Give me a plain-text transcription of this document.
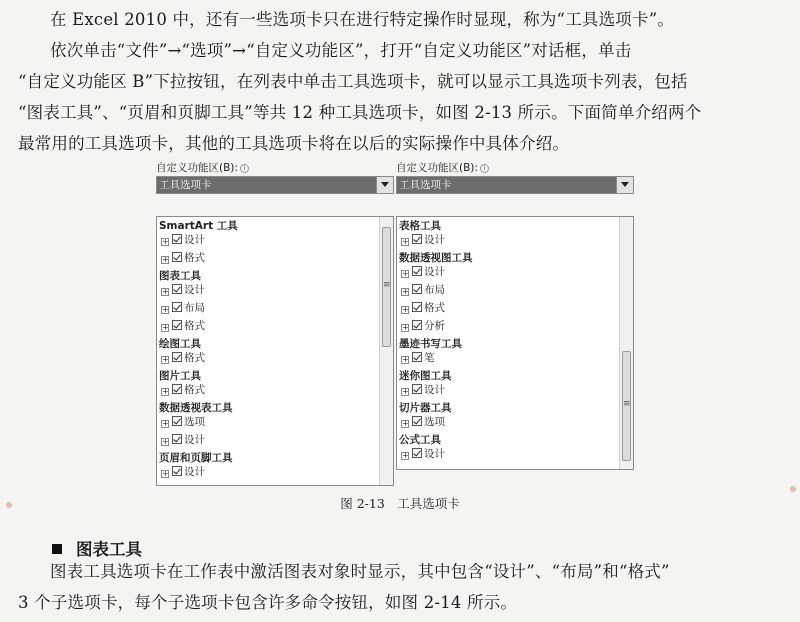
在 Excel 2010 中，还有一些选项卡只在进行特定操作时显现，称为“工具选项卡”。
依次单击“文件”→“选项”→“自定义功能区”，打开“自定义功能区”对话框，单击
“自定义功能区 B”下拉按钮，在列表中单击工具选项卡，就可以显示工具选项卡列表，包括
“图表工具”、“页眉和页脚工具”等共 12 种工具选项卡，如图 2-13 所示。下面简单介绍两个
最常用的工具选项卡，其他的工具选项卡将在以后的实际操作中具体介绍。
自定义功能区(B): i
工具选项卡
SmartArt 工具
+ 设计
+ 格式
图表工具
+ 设计
+ 布局
+ 格式
绘图工具
+ 格式
图片工具
+ 格式
数据透视表工具
+ 选项
+ 设计
页眉和页脚工具
+ 设计
≡
自定义功能区(B): i
工具选项卡
表格工具
+ 设计
数据透视图工具
+ 设计
+ 布局
+ 格式
+ 分析
墨迹书写工具
+ 笔
迷你图工具
+ 设计
切片器工具
+ 选项
公式工具
+ 设计
≡
图 2-13　工具选项卡
图表工具
图表工具选项卡在工作表中激活图表对象时显示，其中包含“设计”、“布局”和“格式”
3 个子选项卡，每个子选项卡包含许多命令按钮，如图 2-14 所示。
